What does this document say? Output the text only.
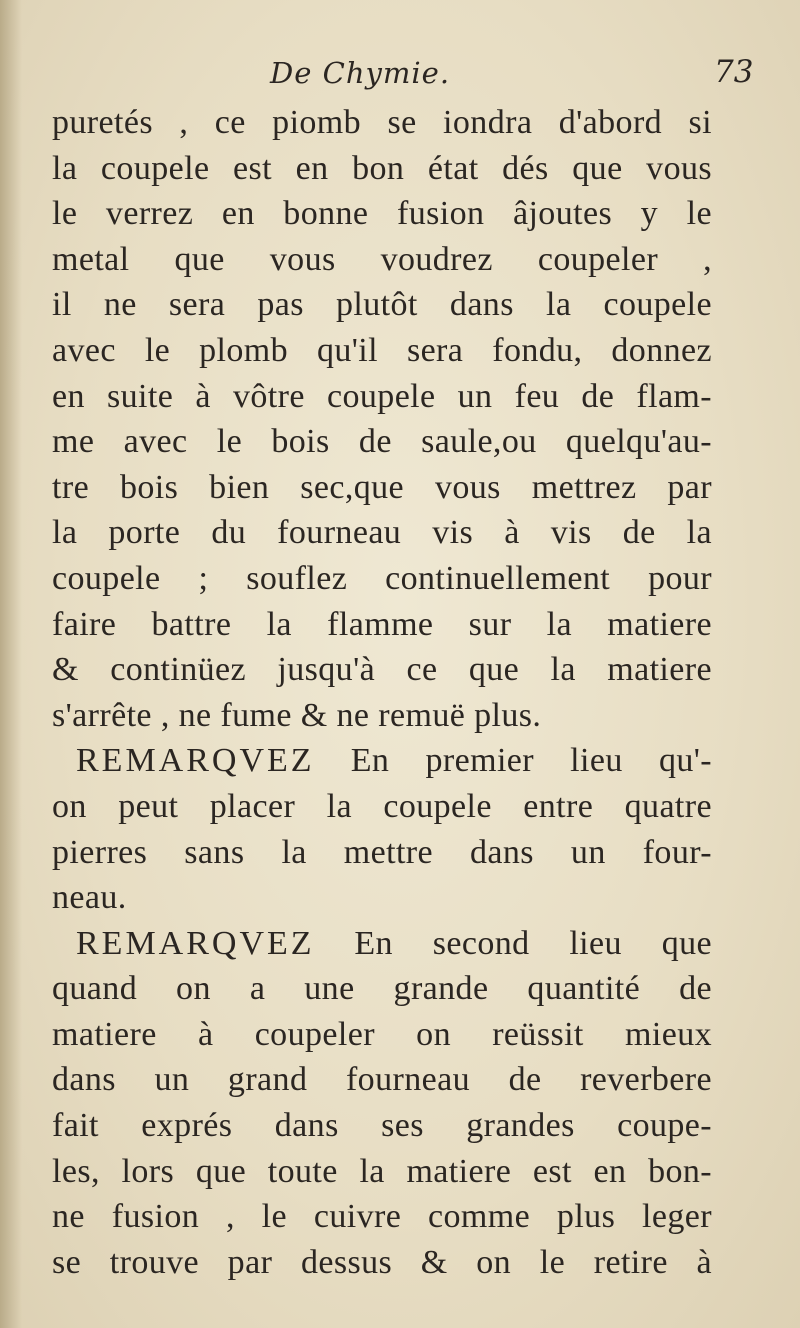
De Chymie.	73
puretés , ce piomb se iondra d'abord si
la coupele est en bon état dés que vous
le verrez en bonne fusion âjoutes y le
metal que vous voudrez coupeler ,
il ne sera pas plutôt dans la coupele
avec le plomb qu'il sera fondu, donnez
en suite à vôtre coupele un feu de flam-
me avec le bois de saule,ou quelqu'au-
tre bois bien sec,que vous mettrez par
la porte du fourneau vis à vis de la
coupele ; souflez continuellement pour
faire battre la flamme sur la matiere
& continüez jusqu'à ce que la matiere
s'arrête , ne fume & ne remuë plus.
REMARQVEZ En premier lieu qu'-
on peut placer la coupele entre quatre
pierres sans la mettre dans un four-
neau.
REMARQVEZ En second lieu que
quand on a une grande quantité de
matiere à coupeler on reüssit mieux
dans un grand fourneau de reverbere
fait exprés dans ses grandes coupe-
les, lors que toute la matiere est en bon-
ne fusion , le cuivre comme plus leger
se trouve par dessus & on le retire à
